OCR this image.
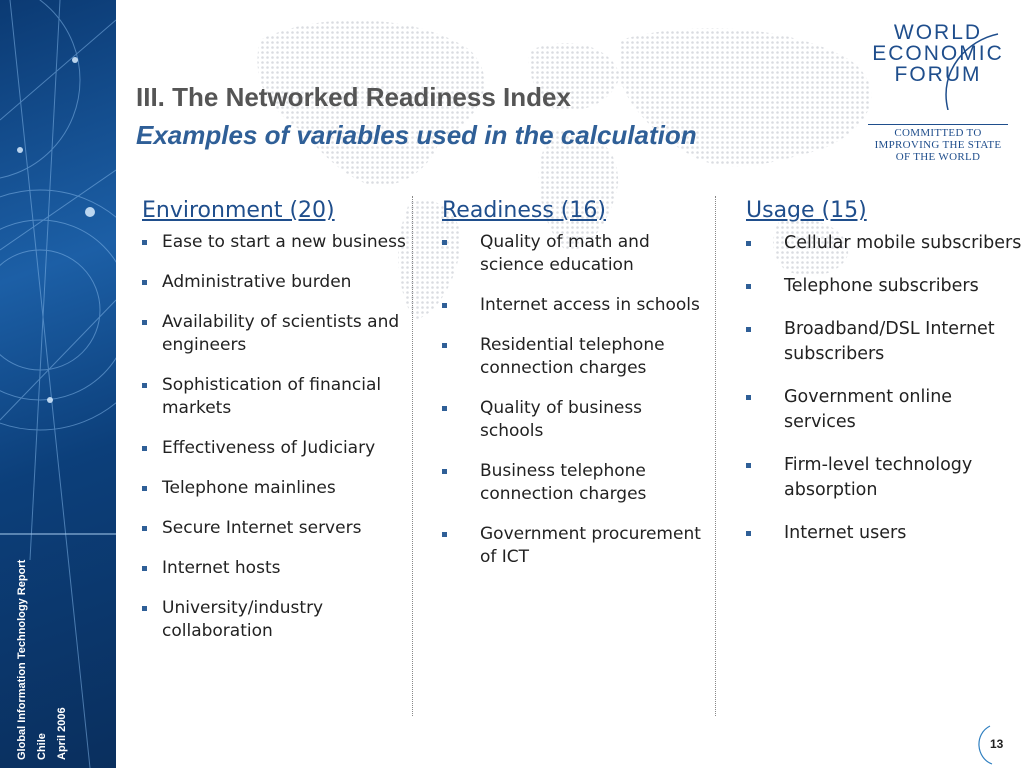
Global Information Technology Report Chile April 2006
III. The Networked Readiness Index
Examples of variables used in the calculation
WORLD
ECONOMIC
FORUM
COMMITTED TO
IMPROVING THE STATE
OF THE WORLD
Environment (20)
Ease to start a new business
Administrative burden
Availability of scientists and engineers
Sophistication of financial markets
Effectiveness of Judiciary
Telephone mainlines
Secure Internet servers
Internet hosts
University/industry collaboration
Readiness (16)
Quality of math and science education
Internet access in schools
Residential telephone connection charges
Quality of business schools
Business telephone connection charges
Government procurement of ICT
Usage (15)
Cellular mobile subscribers
Telephone subscribers
Broadband/DSL Internet subscribers
Government online services
Firm-level technology absorption
Internet users
13
